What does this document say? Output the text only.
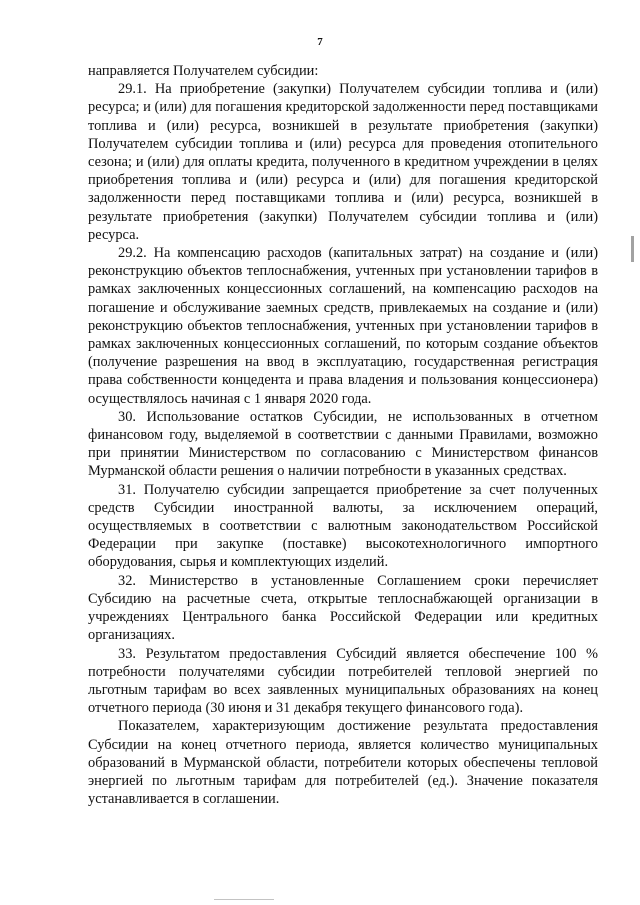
7

направляется Получателем субсидии:

29.1. На приобретение (закупки) Получателем субсидии топлива и (или) ресурса; и (или) для погашения кредиторской задолженности перед поставщиками топлива и (или) ресурса, возникшей в результате приобретения (закупки) Получателем субсидии топлива и (или) ресурса для проведения отопительного сезона; и (или) для оплаты кредита, полученного в кредитном учреждении в целях приобретения топлива и (или) ресурса и (или) для погашения кредиторской задолженности перед поставщиками топлива и (или) ресурса, возникшей в результате приобретения (закупки) Получателем субсидии топлива и (или) ресурса.

29.2. На компенсацию расходов (капитальных затрат) на создание и (или) реконструкцию объектов теплоснабжения, учтенных при установлении тарифов в рамках заключенных концессионных соглашений, на компенсацию расходов на погашение и обслуживание заемных средств, привлекаемых на создание и (или) реконструкцию объектов теплоснабжения, учтенных при установлении тарифов в рамках заключенных концессионных соглашений, по которым создание объектов (получение разрешения на ввод в эксплуатацию, государственная регистрация права собственности концедента и права владения и пользования концессионера) осуществлялось начиная с 1 января 2020 года.

30. Использование остатков Субсидии, не использованных в отчетном финансовом году, выделяемой в соответствии с данными Правилами, возможно при принятии Министерством по согласованию с Министерством финансов Мурманской области решения о наличии потребности в указанных средствах.

31. Получателю субсидии запрещается приобретение за счет полученных средств Субсидии иностранной валюты, за исключением операций, осуществляемых в соответствии с валютным законодательством Российской Федерации при закупке (поставке) высокотехнологичного импортного оборудования, сырья и комплектующих изделий.

32. Министерство в установленные Соглашением сроки перечисляет Субсидию на расчетные счета, открытые теплоснабжающей организации в учреждениях Центрального банка Российской Федерации или кредитных организациях.

33. Результатом предоставления Субсидий является обеспечение 100 % потребности получателями субсидии потребителей тепловой энергией по льготным тарифам во всех заявленных муниципальных образованиях на конец отчетного периода (30 июня и 31 декабря текущего финансового года).

Показателем, характеризующим достижение результата предоставления Субсидии на конец отчетного периода, является количество муниципальных образований в Мурманской области, потребители которых обеспечены тепловой энергией по льготным тарифам для потребителей (ед.). Значение показателя устанавливается в соглашении.
